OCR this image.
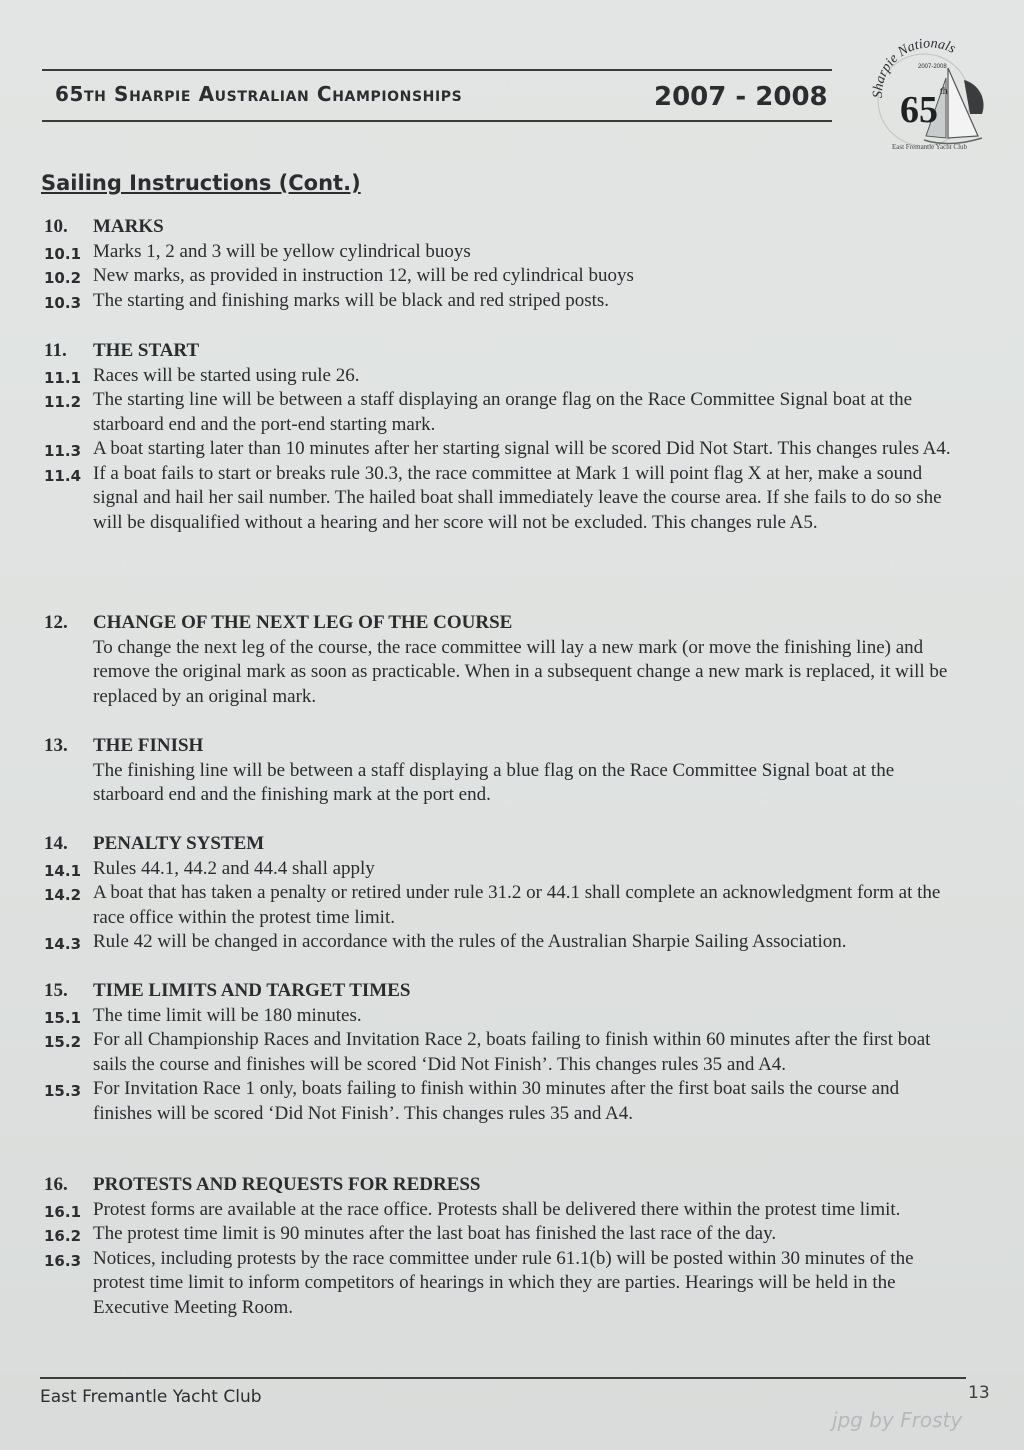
65th Sharpie Australian Championships	2007 - 2008	Sharpie Nationals
2007-2008
65 th
East Fremantle Yacht Club
Sailing Instructions (Cont.)
10. MARKS
10.1 Marks 1, 2 and 3 will be yellow cylindrical buoys
10.2 New marks, as provided in instruction 12, will be red cylindrical buoys
10.3 The starting and finishing marks will be black and red striped posts.
11. THE START
11.1 Races will be started using rule 26.
11.2 The starting line will be between a staff displaying an orange flag on the Race Committee Signal boat at the starboard end and the port-end starting mark.
11.3 A boat starting later than 10 minutes after her starting signal will be scored Did Not Start. This changes rules A4.
11.4 If a boat fails to start or breaks rule 30.3, the race committee at Mark 1 will point flag X at her, make a sound signal and hail her sail number. The hailed boat shall immediately leave the course area. If she fails to do so she will be disqualified without a hearing and her score will not be excluded. This changes rule A5.
12. CHANGE OF THE NEXT LEG OF THE COURSE
To change the next leg of the course, the race committee will lay a new mark (or move the finishing line) and remove the original mark as soon as practicable. When in a subsequent change a new mark is replaced, it will be replaced by an original mark.
13. THE FINISH
The finishing line will be between a staff displaying a blue flag on the Race Committee Signal boat at the starboard end and the finishing mark at the port end.
14. PENALTY SYSTEM
14.1 Rules 44.1, 44.2 and 44.4 shall apply
14.2 A boat that has taken a penalty or retired under rule 31.2 or 44.1 shall complete an acknowledgment form at the race office within the protest time limit.
14.3 Rule 42 will be changed in accordance with the rules of the Australian Sharpie Sailing Association.
15. TIME LIMITS AND TARGET TIMES
15.1 The time limit will be 180 minutes.
15.2 For all Championship Races and Invitation Race 2, boats failing to finish within 60 minutes after the first boat sails the course and finishes will be scored ‘Did Not Finish’. This changes rules 35 and A4.
15.3 For Invitation Race 1 only, boats failing to finish within 30 minutes after the first boat sails the course and finishes will be scored ‘Did Not Finish’. This changes rules 35 and A4.
16. PROTESTS AND REQUESTS FOR REDRESS
16.1 Protest forms are available at the race office. Protests shall be delivered there within the protest time limit.
16.2 The protest time limit is 90 minutes after the last boat has finished the last race of the day.
16.3 Notices, including protests by the race committee under rule 61.1(b) will be posted within 30 minutes of the protest time limit to inform competitors of hearings in which they are parties. Hearings will be held in the Executive Meeting Room.
East Fremantle Yacht Club	13
jpg by Frosty
